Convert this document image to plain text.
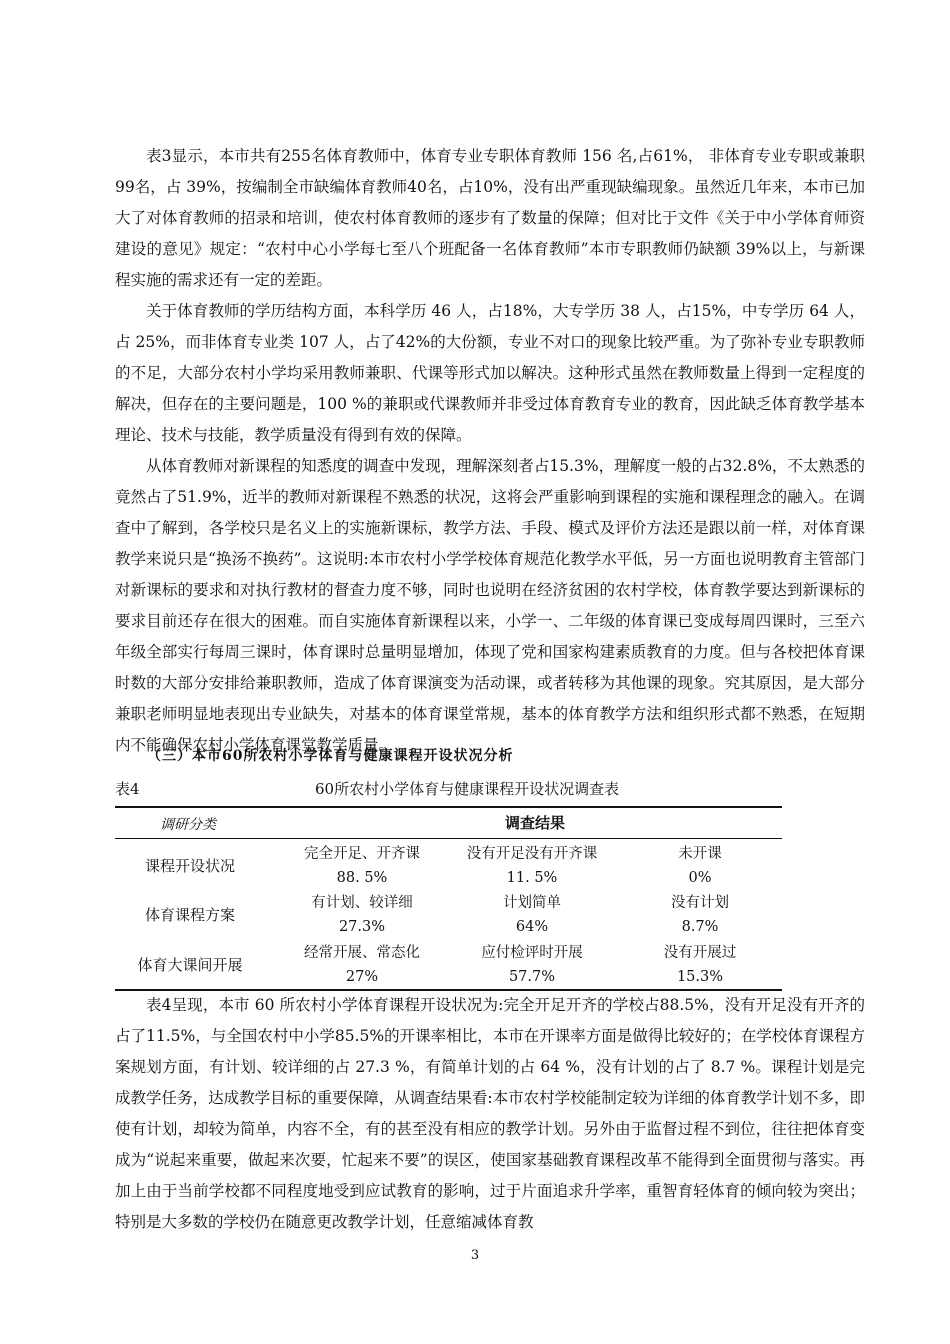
表3显示，本市共有255名体育教师中，体育专业专职体育教师 156 名,占61%， 非体育专业专职或兼职99名，占 39%，按编制全市缺编体育教师40名，占10%，没有出严重现缺编现象。虽然近几年来，本市已加大了对体育教师的招录和培训，使农村体育教师的逐步有了数量的保障；但对比于文件《关于中小学体育师资建设的意见》规定：“农村中心小学每七至八个班配备一名体育教师”本市专职教师仍缺额 39%以上，与新课程实施的需求还有一定的差距。

关于体育教师的学历结构方面，本科学历 46 人，占18%，大专学历 38 人，占15%，中专学历 64 人，占 25%，而非体育专业类 107 人，占了42%的大份额，专业不对口的现象比较严重。为了弥补专业专职教师的不足，大部分农村小学均采用教师兼职、代课等形式加以解决。这种形式虽然在教师数量上得到一定程度的解决，但存在的主要问题是，100 %的兼职或代课教师并非受过体育教育专业的教育，因此缺乏体育教学基本理论、技术与技能，教学质量没有得到有效的保障。

从体育教师对新课程的知悉度的调查中发现，理解深刻者占15.3%，理解度一般的占32.8%，不太熟悉的竟然占了51.9%，近半的教师对新课程不熟悉的状况，这将会严重影响到课程的实施和课程理念的融入。在调查中了解到，各学校只是名义上的实施新课标，教学方法、手段、模式及评价方法还是跟以前一样，对体育课教学来说只是“换汤不换药”。这说明:本市农村小学学校体育规范化教学水平低，另一方面也说明教育主管部门对新课标的要求和对执行教材的督查力度不够，同时也说明在经济贫困的农村学校，体育教学要达到新课标的要求目前还存在很大的困难。而自实施体育新课程以来，小学一、二年级的体育课已变成每周四课时，三至六年级全部实行每周三课时，体育课时总量明显增加，体现了党和国家构建素质教育的力度。但与各校把体育课时数的大部分安排给兼职教师，造成了体育课演变为活动课，或者转移为其他课的现象。究其原因，是大部分兼职老师明显地表现出专业缺失，对基本的体育课堂常规，基本的体育教学方法和组织形式都不熟悉，在短期内不能确保农村小学体育课堂教学质量。

（三）本市60所农村小学体育与健康课程开设状况分析
表4	60所农村小学体育与健康课程开设状况调查表
调研分类	调查结果
课程开设状况
完全开足、开齐课
88. 5%
没有开足没有开齐课
11. 5%
未开课
0%
体育课程方案
有计划、较详细
27.3%
计划简单
64%
没有计划
8.7%
体育大课间开展
经常开展、常态化
27%
应付检评时开展
57.7%
没有开展过
15.3%

表4呈现，本市 60 所农村小学体育课程开设状况为:完全开足开齐的学校占88.5%，没有开足没有开齐的占了11.5%，与全国农村中小学85.5%的开课率相比，本市在开课率方面是做得比较好的；在学校体育课程方案规划方面，有计划、较详细的占 27.3 %，有简单计划的占 64 %，没有计划的占了 8.7 %。课程计划是完成教学任务，达成教学目标的重要保障，从调查结果看:本市农村学校能制定较为详细的体育教学计划不多，即使有计划，却较为简单，内容不全，有的甚至没有相应的教学计划。另外由于监督过程不到位，往往把体育变成为“说起来重要，做起来次要，忙起来不要”的误区，使国家基础教育课程改革不能得到全面贯彻与落实。再加上由于当前学校都不同程度地受到应试教育的影响，过于片面追求升学率，重智育轻体育的倾向较为突出；特别是大多数的学校仍在随意更改教学计划，任意缩减体育教

3
